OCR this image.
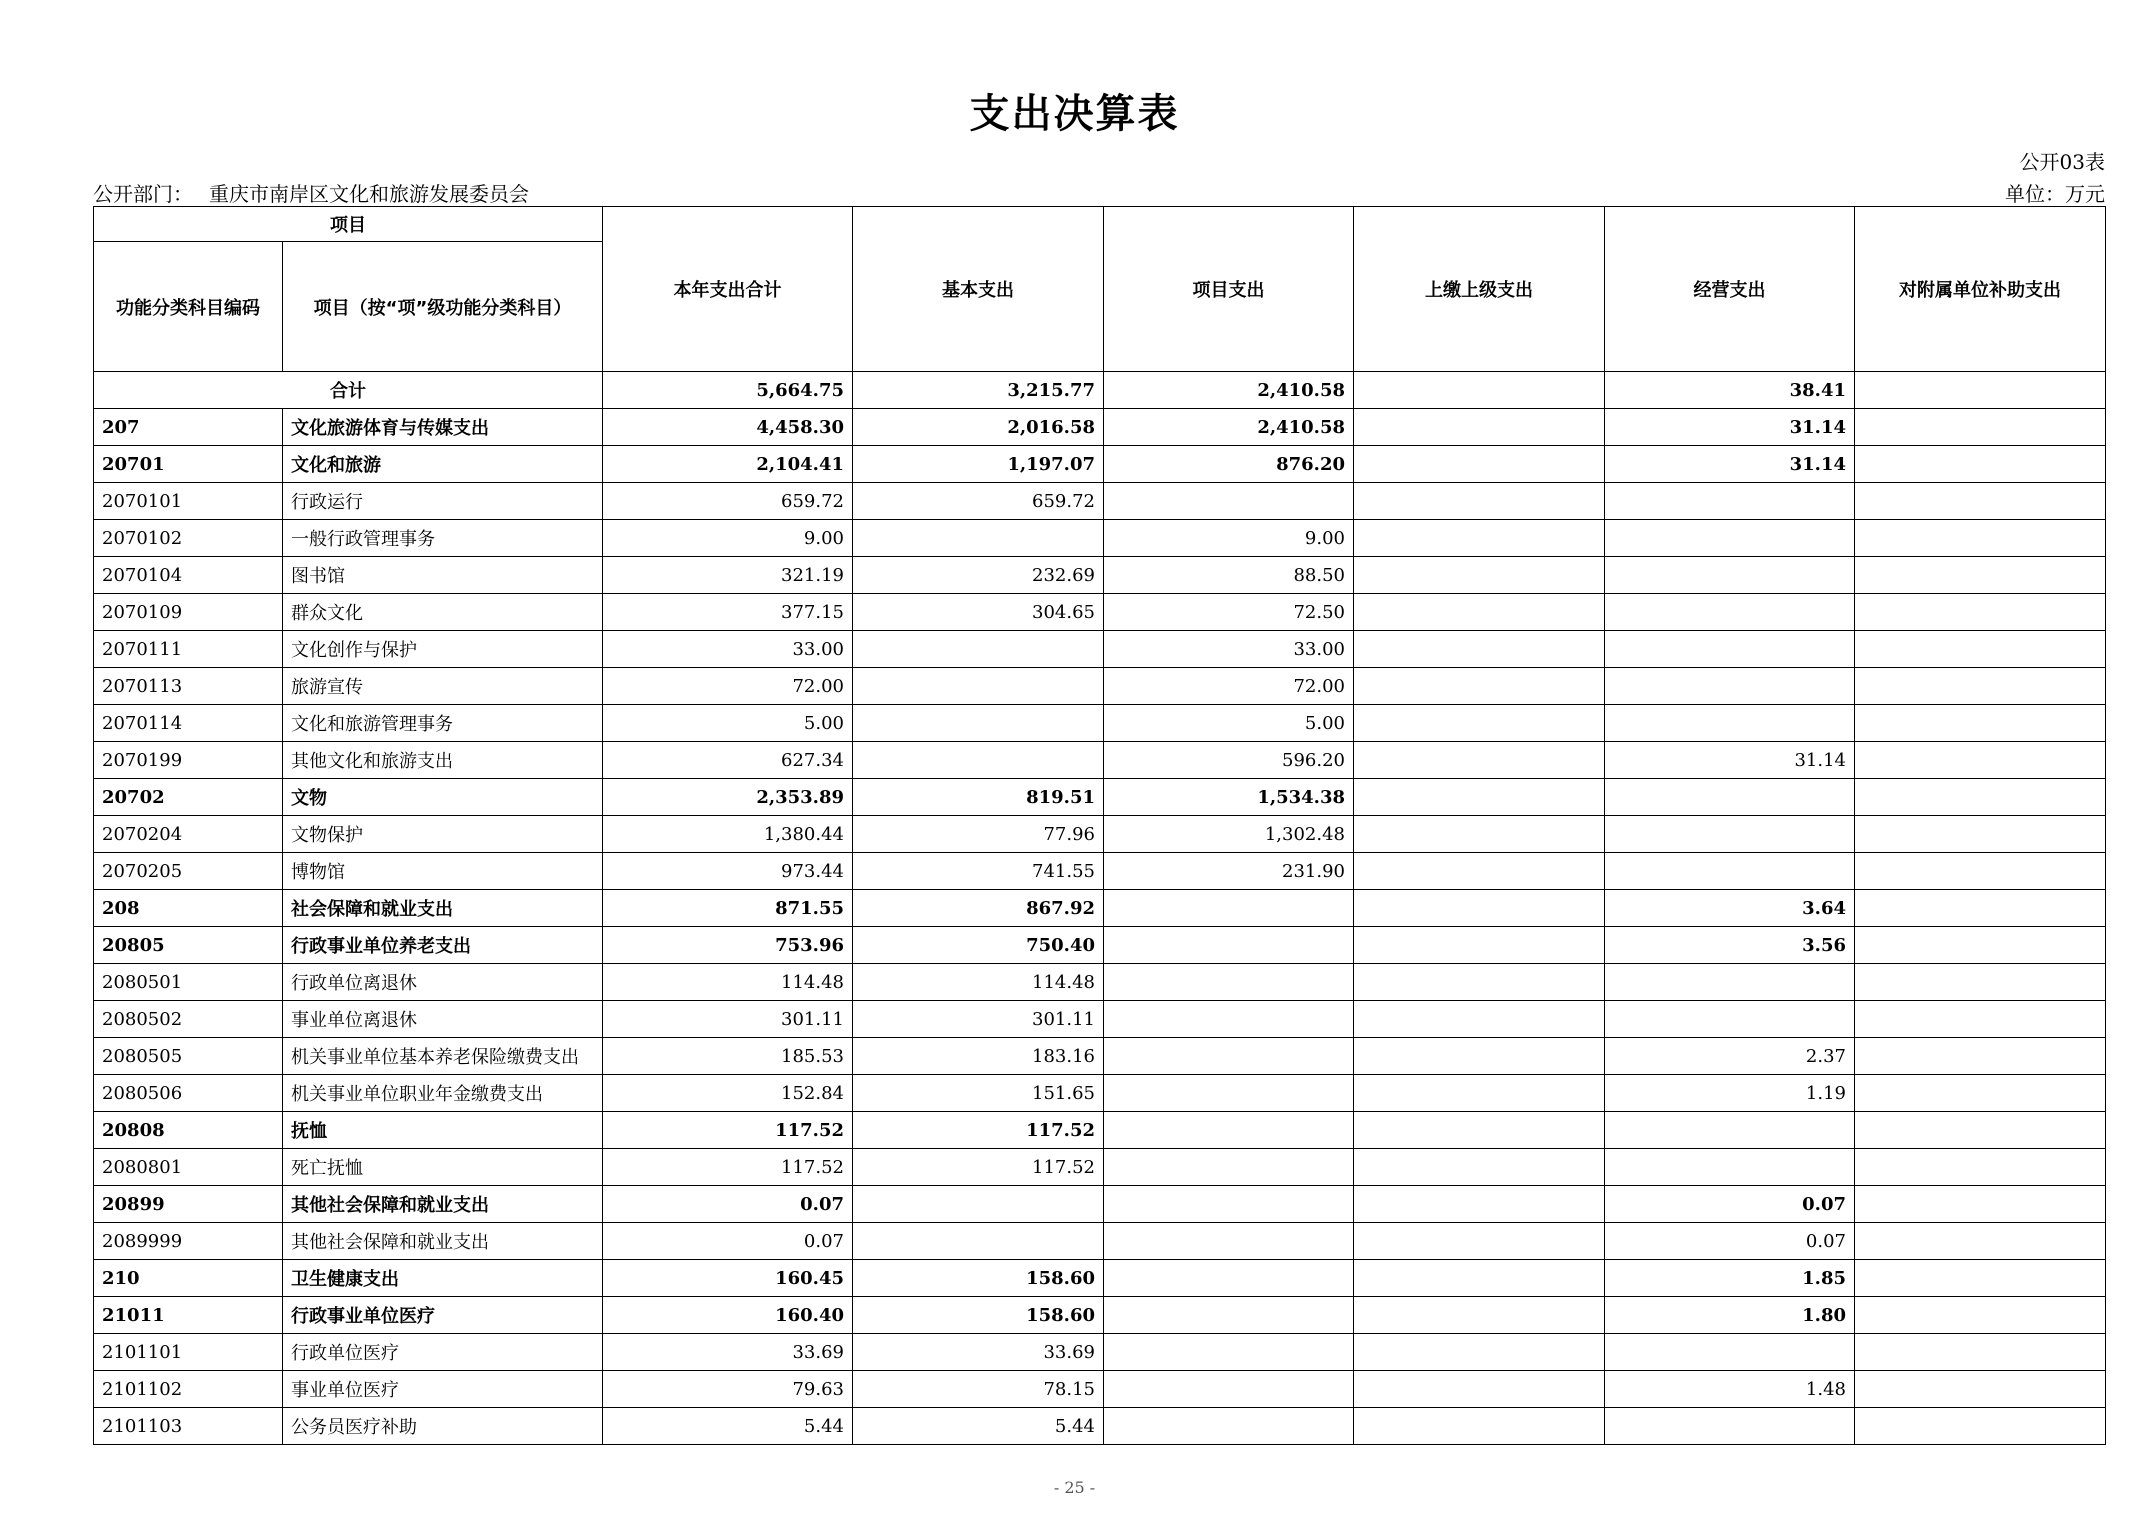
支出决算表
公开03表
公开部门： 重庆市南岸区文化和旅游发展委员会	单位：万元
项目		本年支出合计	基本支出	项目支出	上缴上级支出	经营支出	对附属单位补助支出
功能分类科目编码	项目（按“项”级功能分类科目）						
合计		5,664.75	3,215.77	2,410.58		38.41	
207	文化旅游体育与传媒支出	4,458.30	2,016.58	2,410.58		31.14	
20701	文化和旅游	2,104.41	1,197.07	876.20		31.14	
2070101	行政运行	659.72	659.72				
2070102	一般行政管理事务	9.00		9.00			
2070104	图书馆	321.19	232.69	88.50			
2070109	群众文化	377.15	304.65	72.50			
2070111	文化创作与保护	33.00		33.00			
2070113	旅游宣传	72.00		72.00			
2070114	文化和旅游管理事务	5.00		5.00			
2070199	其他文化和旅游支出	627.34		596.20		31.14	
20702	文物	2,353.89	819.51	1,534.38			
2070204	文物保护	1,380.44	77.96	1,302.48			
2070205	博物馆	973.44	741.55	231.90			
208	社会保障和就业支出	871.55	867.92			3.64	
20805	行政事业单位养老支出	753.96	750.40			3.56	
2080501	行政单位离退休	114.48	114.48				
2080502	事业单位离退休	301.11	301.11				
2080505	机关事业单位基本养老保险缴费支出	185.53	183.16			2.37	
2080506	机关事业单位职业年金缴费支出	152.84	151.65			1.19	
20808	抚恤	117.52	117.52				
2080801	死亡抚恤	117.52	117.52				
20899	其他社会保障和就业支出	0.07				0.07	
2089999	其他社会保障和就业支出	0.07				0.07	
210	卫生健康支出	160.45	158.60			1.85	
21011	行政事业单位医疗	160.40	158.60			1.80	
2101101	行政单位医疗	33.69	33.69				
2101102	事业单位医疗	79.63	78.15			1.48	
2101103	公务员医疗补助	5.44	5.44				
- 25 -
